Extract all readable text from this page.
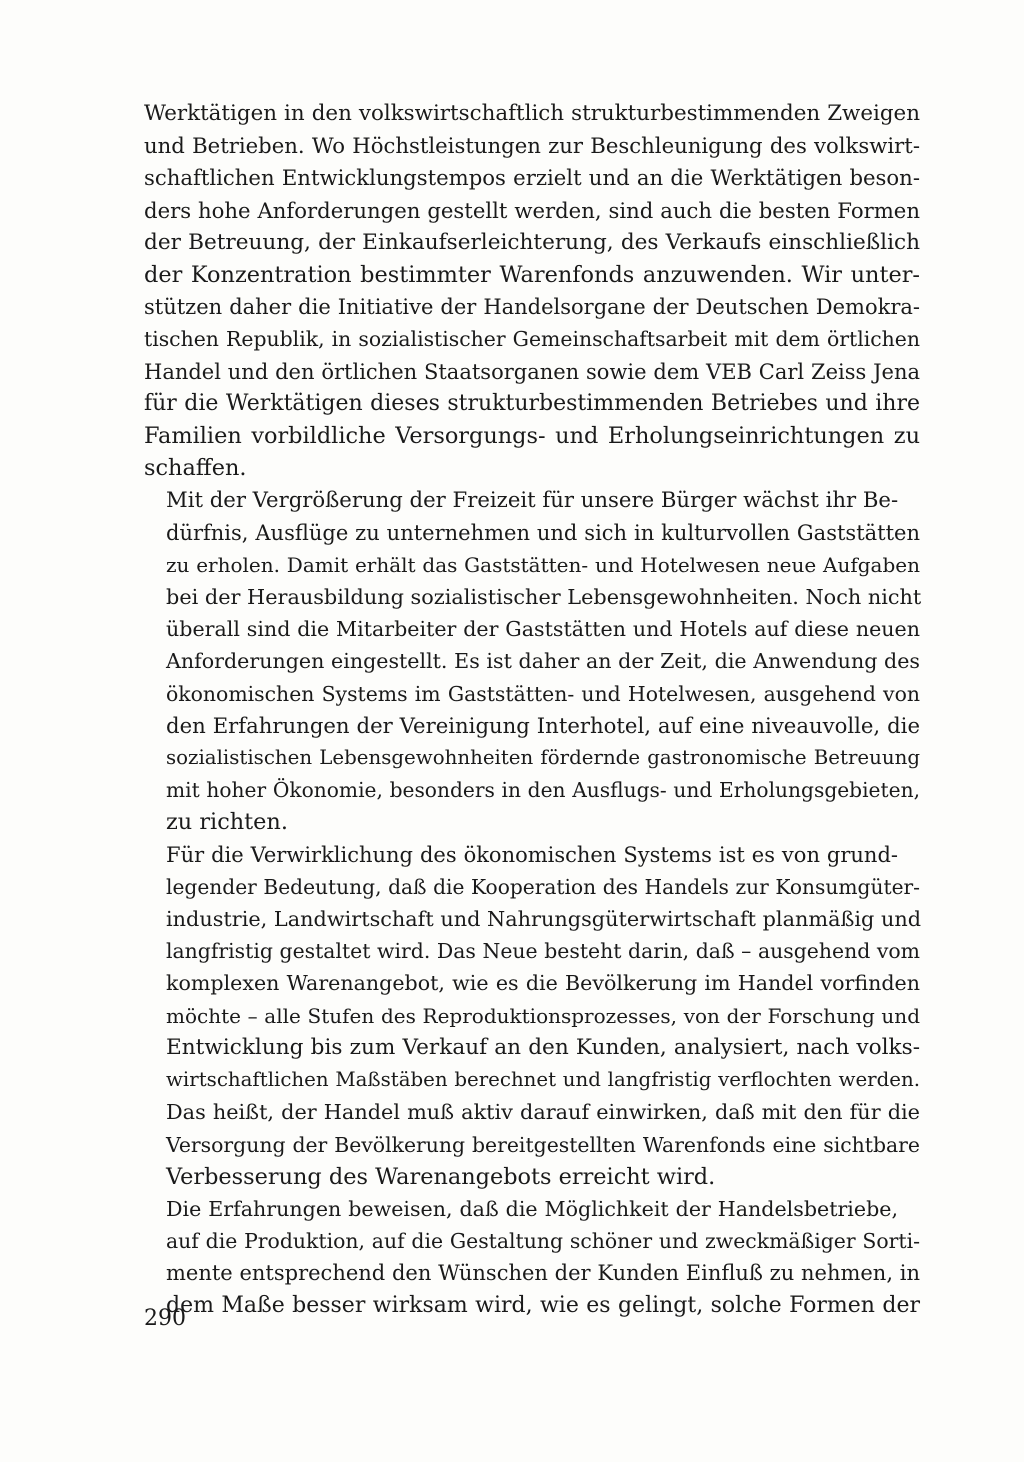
Werktätigen in den volkswirtschaftlich strukturbestimmenden Zweigen
und Betrieben. Wo Höchstleistungen zur Beschleunigung des volkswirt-
schaftlichen Entwicklungstempos erzielt und an die Werktätigen beson-
ders hohe Anforderungen gestellt werden, sind auch die besten Formen
der Betreuung, der Einkaufserleichterung, des Verkaufs einschließlich
der Konzentration bestimmter Warenfonds anzuwenden. Wir unter-
stützen daher die Initiative der Handelsorgane der Deutschen Demokra-
tischen Republik, in sozialistischer Gemeinschaftsarbeit mit dem örtlichen
Handel und den örtlichen Staatsorganen sowie dem VEB Carl Zeiss Jena
für die Werktätigen dieses strukturbestimmenden Betriebes und ihre
Familien vorbildliche Versorgungs- und Erholungseinrichtungen zu
schaffen.
Mit der Vergrößerung der Freizeit für unsere Bürger wächst ihr Be-
dürfnis, Ausflüge zu unternehmen und sich in kulturvollen Gaststätten
zu erholen. Damit erhält das Gaststätten- und Hotelwesen neue Aufgaben
bei der Herausbildung sozialistischer Lebensgewohnheiten. Noch nicht
überall sind die Mitarbeiter der Gaststätten und Hotels auf diese neuen
Anforderungen eingestellt. Es ist daher an der Zeit, die Anwendung des
ökonomischen Systems im Gaststätten- und Hotelwesen, ausgehend von
den Erfahrungen der Vereinigung Interhotel, auf eine niveauvolle, die
sozialistischen Lebensgewohnheiten fördernde gastronomische Betreuung
mit hoher Ökonomie, besonders in den Ausflugs- und Erholungsgebieten,
zu richten.
Für die Verwirklichung des ökonomischen Systems ist es von grund-
legender Bedeutung, daß die Kooperation des Handels zur Konsumgüter-
industrie, Landwirtschaft und Nahrungsgüterwirtschaft planmäßig und
langfristig gestaltet wird. Das Neue besteht darin, daß – ausgehend vom
komplexen Warenangebot, wie es die Bevölkerung im Handel vorfinden
möchte – alle Stufen des Reproduktionsprozesses, von der Forschung und
Entwicklung bis zum Verkauf an den Kunden, analysiert, nach volks-
wirtschaftlichen Maßstäben berechnet und langfristig verflochten werden.
Das heißt, der Handel muß aktiv darauf einwirken, daß mit den für die
Versorgung der Bevölkerung bereitgestellten Warenfonds eine sichtbare
Verbesserung des Warenangebots erreicht wird.
Die Erfahrungen beweisen, daß die Möglichkeit der Handelsbetriebe,
auf die Produktion, auf die Gestaltung schöner und zweckmäßiger Sorti-
mente entsprechend den Wünschen der Kunden Einfluß zu nehmen, in
dem Maße besser wirksam wird, wie es gelingt, solche Formen der
290
